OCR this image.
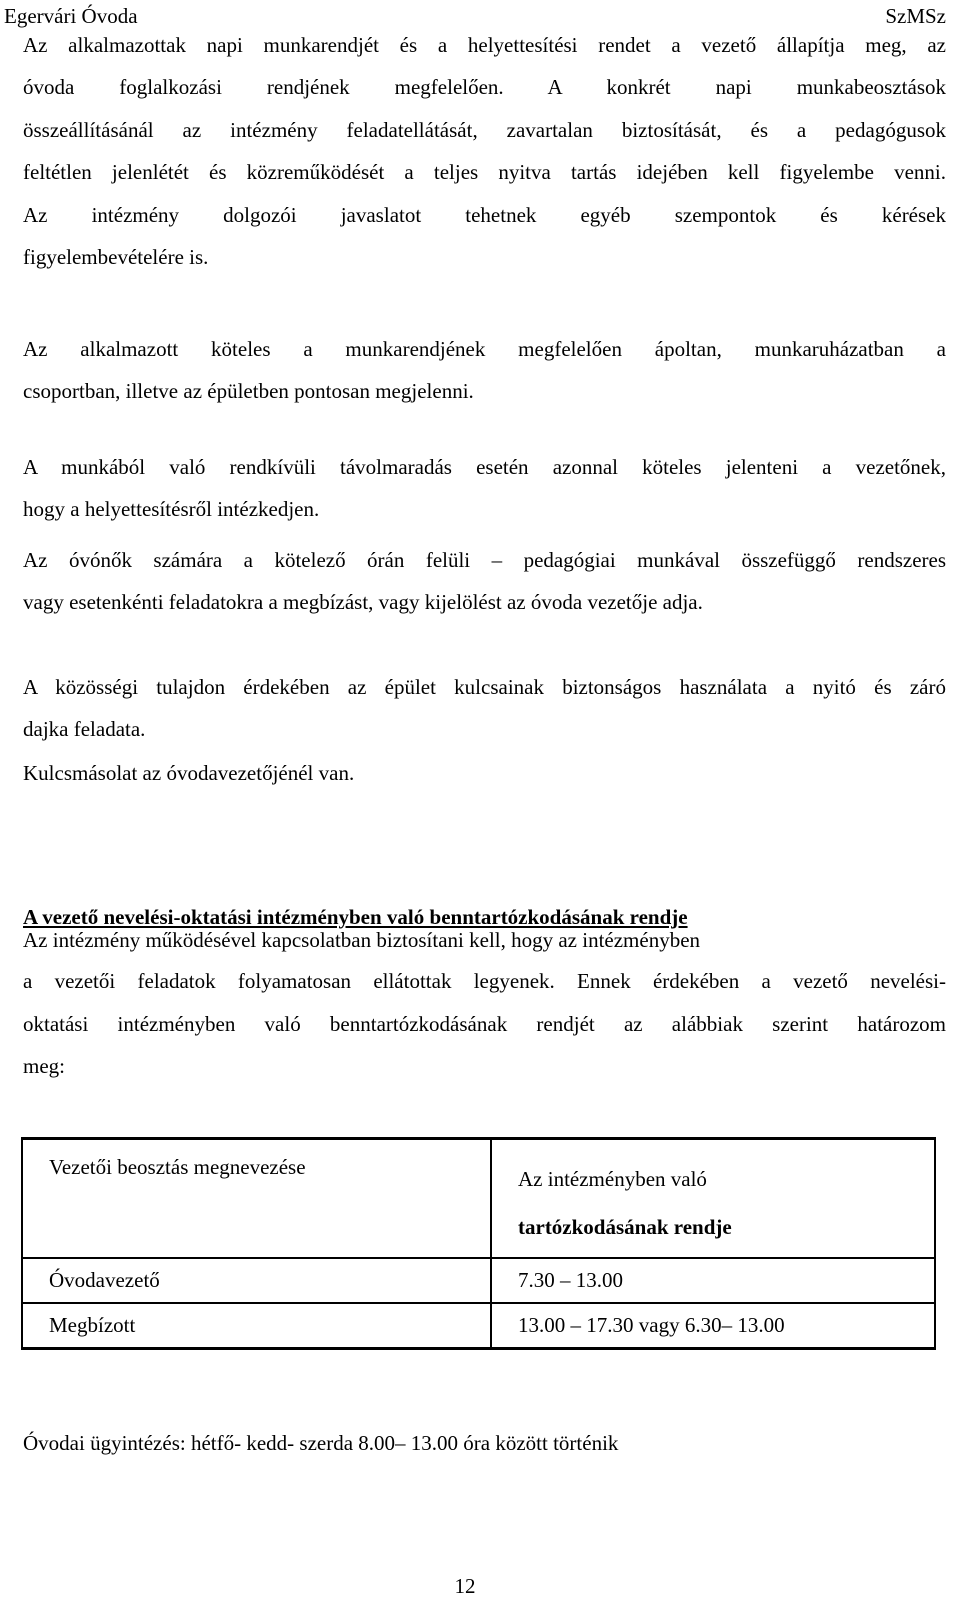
Egervári Óvoda	SzMSz
Az alkalmazottak napi munkarendjét és a helyettesítési rendet a vezető állapítja meg, az
óvoda foglalkozási rendjének megfelelően. A konkrét napi munkabeosztások
összeállításánál az intézmény feladatellátását, zavartalan biztosítását, és a pedagógusok
feltétlen jelenlétét és közreműködését a teljes nyitva tartás idejében kell figyelembe venni.
Az intézmény dolgozói javaslatot tehetnek egyéb szempontok és kérések
figyelembevételére is.
Az alkalmazott köteles a munkarendjének megfelelően ápoltan, munkaruházatban a
csoportban, illetve az épületben pontosan megjelenni.
A munkából való rendkívüli távolmaradás esetén azonnal köteles jelenteni a vezetőnek,
hogy a helyettesítésről intézkedjen.
Az óvónők számára a kötelező órán felüli – pedagógiai munkával összefüggő rendszeres
vagy esetenkénti feladatokra a megbízást, vagy kijelölést az óvoda vezetője adja.
A közösségi tulajdon érdekében az épület kulcsainak biztonságos használata a nyitó és záró
dajka feladata.
Kulcsmásolat az óvodavezetőjénél van.
A vezető nevelési-oktatási intézményben való benntartózkodásának rendje
Az intézmény működésével kapcsolatban biztosítani kell, hogy az intézményben
a vezetői feladatok folyamatosan ellátottak legyenek. Ennek érdekében a vezető nevelési-
oktatási intézményben való benntartózkodásának rendjét az alábbiak szerint határozom
meg:
Vezetői beosztás megnevezése	Az intézményben való
tartózkodásának rendje

Óvodavezető	7.30 – 13.00

Megbízott	13.00 – 17.30 vagy 6.30– 13.00
Óvodai ügyintézés: hétfő- kedd- szerda 8.00– 13.00 óra között történik
12
